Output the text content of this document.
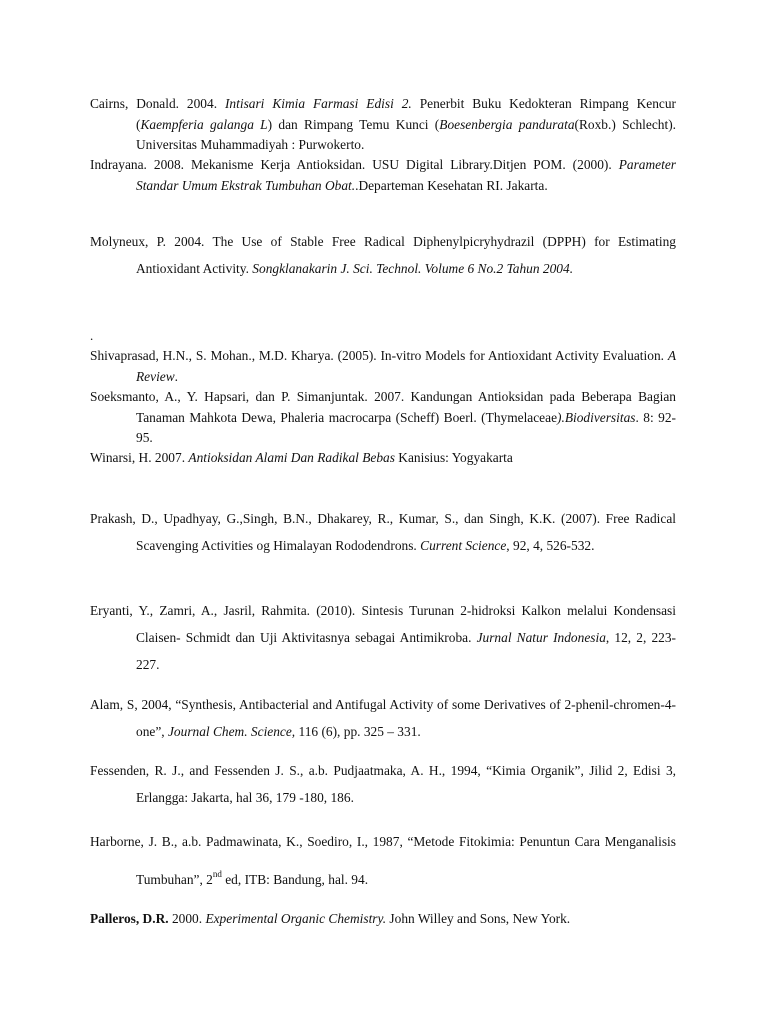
Cairns, Donald. 2004. Intisari Kimia Farmasi Edisi 2. Penerbit Buku Kedokteran Rimpang Kencur (Kaempferia galanga L) dan Rimpang Temu Kunci (Boesenbergia pandurata(Roxb.) Schlecht). Universitas Muhammadiyah : Purwokerto.

Indrayana. 2008. Mekanisme Kerja Antioksidan. USU Digital Library.Ditjen POM. (2000). Parameter Standar Umum Ekstrak Tumbuhan Obat..Departeman Kesehatan RI. Jakarta.

Molyneux, P. 2004. The Use of Stable Free Radical Diphenylpicryhydrazil (DPPH) for Estimating Antioxidant Activity. Songklanakarin J. Sci. Technol. Volume 6 No.2 Tahun 2004.

.

Shivaprasad, H.N., S. Mohan., M.D. Kharya. (2005). In-vitro Models for Antioxidant Activity Evaluation. A Review.

Soeksmanto, A., Y. Hapsari, dan P. Simanjuntak. 2007. Kandungan Antioksidan pada Beberapa Bagian Tanaman Mahkota Dewa, Phaleria macrocarpa (Scheff) Boerl. (Thymelaceae).Biodiversitas. 8: 92-95.

Winarsi, H. 2007. Antioksidan Alami Dan Radikal Bebas Kanisius: Yogyakarta

Prakash, D., Upadhyay, G.,Singh, B.N., Dhakarey, R., Kumar, S., dan Singh, K.K. (2007). Free Radical Scavenging Activities og Himalayan Rododendrons. Current Science, 92, 4, 526-532.

Eryanti, Y., Zamri, A., Jasril, Rahmita. (2010). Sintesis Turunan 2-hidroksi Kalkon melalui Kondensasi Claisen- Schmidt dan Uji Aktivitasnya sebagai Antimikroba. Jurnal Natur Indonesia, 12, 2, 223-227.

Alam, S, 2004, “Synthesis, Antibacterial and Antifugal Activity of some Derivatives of 2-phenil-chromen-4-one”, Journal Chem. Science, 116 (6), pp. 325 – 331.

Fessenden, R. J., and Fessenden J. S., a.b. Pudjaatmaka, A. H., 1994, “Kimia Organik”, Jilid 2, Edisi 3, Erlangga: Jakarta, hal 36, 179 -180, 186.

Harborne, J. B., a.b. Padmawinata, K., Soediro, I., 1987, “Metode Fitokimia: Penuntun Cara Menganalisis Tumbuhan”, 2nd ed, ITB: Bandung, hal. 94.

Palleros, D.R. 2000. Experimental Organic Chemistry. John Willey and Sons, New York.
